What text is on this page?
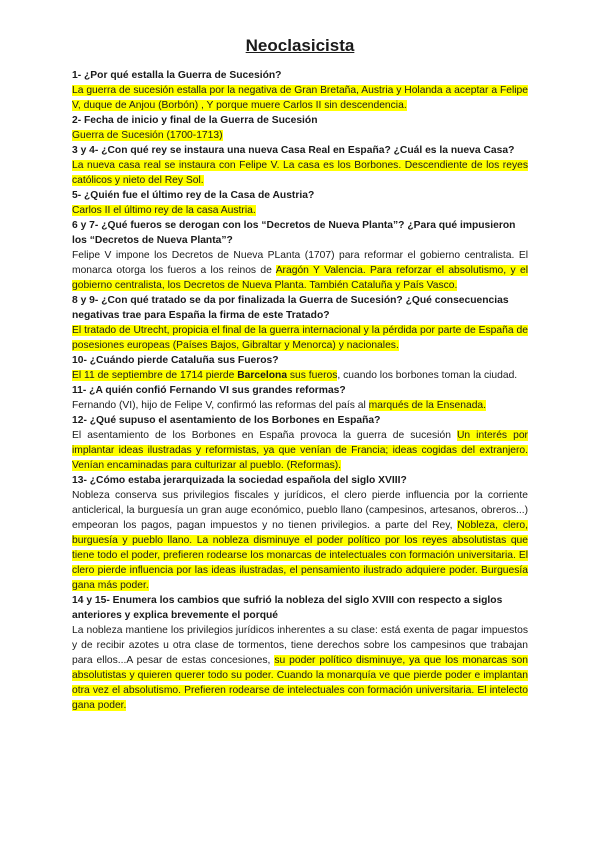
Neoclasicista

1- ¿Por qué estalla la Guerra de Sucesión?

La guerra de sucesión estalla por la negativa de Gran Bretaña, Austria y Holanda a aceptar a Felipe V, duque de Anjou (Borbón) , Y porque muere Carlos II sin descendencia.

2- Fecha de inicio y final de la Guerra de Sucesión

Guerra de Sucesión (1700-1713)

3 y 4- ¿Con qué rey se instaura una nueva Casa Real en España? ¿Cuál es la nueva Casa?

La nueva casa real se instaura con Felipe V. La casa es los Borbones. Descendiente de los reyes católicos y nieto del Rey Sol.

5- ¿Quién fue el último rey de la Casa de Austria?

Carlos II el último rey de la casa Austria.

6 y 7- ¿Qué fueros se derogan con los “Decretos de Nueva Planta”? ¿Para qué impusieron los “Decretos de Nueva Planta”?

Felipe V impone los Decretos de Nueva PLanta (1707) para reformar el gobierno centralista. El monarca otorga los fueros a los reinos de Aragón Y Valencia. Para reforzar el absolutismo, y el gobierno centralista, los Decretos de Nueva Planta. También Cataluña y País Vasco.

8 y 9- ¿Con qué tratado se da por finalizada la Guerra de Sucesión? ¿Qué consecuencias negativas trae para España la firma de este Tratado?

El tratado de Utrecht, propicia el final de la guerra internacional y la pérdida por parte de España de posesiones europeas (Países Bajos, Gibraltar y Menorca) y nacionales.

10- ¿Cuándo pierde Cataluña sus Fueros?

El 11 de septiembre de 1714 pierde Barcelona sus fueros, cuando los borbones toman la ciudad.

11- ¿A quién confió Fernando VI sus grandes reformas?

Fernando (VI), hijo de Felipe V, confirmó las reformas del país al marqués de la Ensenada.

12- ¿Qué supuso el asentamiento de los Borbones en España?

El asentamiento de los Borbones en España provoca la guerra de sucesión Un interés por implantar ideas ilustradas y reformistas, ya que venían de Francia; ideas cogidas del extranjero. Venían encaminadas para culturizar al pueblo. (Reformas).

13- ¿Cómo estaba jerarquizada la sociedad española del siglo XVIII?

Nobleza conserva sus privilegios fiscales y jurídicos, el clero pierde influencia por la corriente anticlerical, la burguesía un gran auge económico, pueblo llano (campesinos, artesanos, obreros...) empeoran los pagos, pagan impuestos y no tienen privilegios. a parte del Rey, Nobleza, clero, burguesía y pueblo llano. La nobleza disminuye el poder político por los reyes absolutistas que tiene todo el poder, prefieren rodearse los monarcas de intelectuales con formación universitaria. El clero pierde influencia por las ideas ilustradas, el pensamiento ilustrado adquiere poder. Burguesía gana más poder.

14 y 15- Enumera los cambios que sufrió la nobleza del siglo XVIII con respecto a siglos anteriores y explica brevemente el porqué

La nobleza mantiene los privilegios jurídicos inherentes a su clase: está exenta de pagar impuestos y de recibir azotes u otra clase de tormentos, tiene derechos sobre los campesinos que trabajan para ellos...A pesar de estas concesiones, su poder político disminuye, ya que los monarcas son absolutistas y quieren querer todo su poder. Cuando la monarquía ve que pierde poder e implantan otra vez el absolutismo. Prefieren rodearse de intelectuales con formación universitaria. El intelecto gana poder.
